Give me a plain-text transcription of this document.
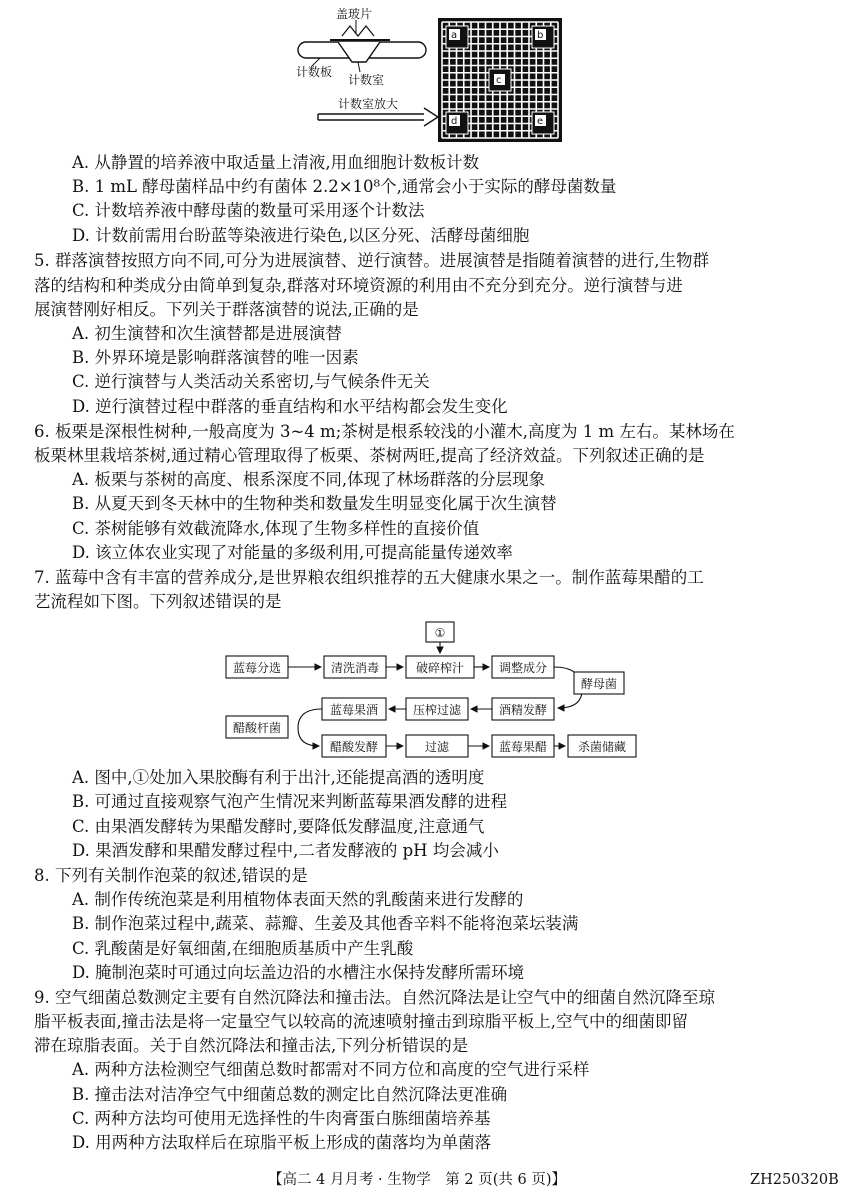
盖玻片
计数板
计数室
计数室放大
a	b
c
d	e
A. 从静置的培养液中取适量上清液,用血细胞计数板计数
B. 1 mL 酵母菌样品中约有菌体 2.2×10⁸个,通常会小于实际的酵母菌数量
C. 计数培养液中酵母菌的数量可采用逐个计数法
D. 计数前需用台盼蓝等染液进行染色,以区分死、活酵母菌细胞
5. 群落演替按照方向不同,可分为进展演替、逆行演替。进展演替是指随着演替的进行,生物群
落的结构和种类成分由简单到复杂,群落对环境资源的利用由不充分到充分。逆行演替与进
展演替刚好相反。下列关于群落演替的说法,正确的是
A. 初生演替和次生演替都是进展演替
B. 外界环境是影响群落演替的唯一因素
C. 逆行演替与人类活动关系密切,与气候条件无关
D. 逆行演替过程中群落的垂直结构和水平结构都会发生变化
6. 板栗是深根性树种,一般高度为 3~4 m;茶树是根系较浅的小灌木,高度为 1 m 左右。某林场在
板栗林里栽培茶树,通过精心管理取得了板栗、茶树两旺,提高了经济效益。下列叙述正确的是
A. 板栗与茶树的高度、根系深度不同,体现了林场群落的分层现象
B. 从夏天到冬天林中的生物种类和数量发生明显变化属于次生演替
C. 茶树能够有效截流降水,体现了生物多样性的直接价值
D. 该立体农业实现了对能量的多级利用,可提高能量传递效率
7. 蓝莓中含有丰富的营养成分,是世界粮农组织推荐的五大健康水果之一。制作蓝莓果醋的工
艺流程如下图。下列叙述错误的是
①
蓝莓分选	清洗消毒	破碎榨汁	调整成分
酵母菌
蓝莓果酒	压榨过滤	酒精发酵
醋酸杆菌
醋酸发酵	过滤	蓝莓果醋	杀菌储藏
A. 图中,①处加入果胶酶有利于出汁,还能提高酒的透明度
B. 可通过直接观察气泡产生情况来判断蓝莓果酒发酵的进程
C. 由果酒发酵转为果醋发酵时,要降低发酵温度,注意通气
D. 果酒发酵和果醋发酵过程中,二者发酵液的 pH 均会减小
8. 下列有关制作泡菜的叙述,错误的是
A. 制作传统泡菜是利用植物体表面天然的乳酸菌来进行发酵的
B. 制作泡菜过程中,蔬菜、蒜瓣、生姜及其他香辛料不能将泡菜坛装满
C. 乳酸菌是好氧细菌,在细胞质基质中产生乳酸
D. 腌制泡菜时可通过向坛盖边沿的水槽注水保持发酵所需环境
9. 空气细菌总数测定主要有自然沉降法和撞击法。自然沉降法是让空气中的细菌自然沉降至琼
脂平板表面,撞击法是将一定量空气以较高的流速喷射撞击到琼脂平板上,空气中的细菌即留
滞在琼脂表面。关于自然沉降法和撞击法,下列分析错误的是
A. 两种方法检测空气细菌总数时都需对不同方位和高度的空气进行采样
B. 撞击法对洁净空气中细菌总数的测定比自然沉降法更准确
C. 两种方法均可使用无选择性的牛肉膏蛋白胨细菌培养基
D. 用两种方法取样后在琼脂平板上形成的菌落均为单菌落
【高二 4 月月考 · 生物学　第 2 页(共 6 页)】	ZH250320B
